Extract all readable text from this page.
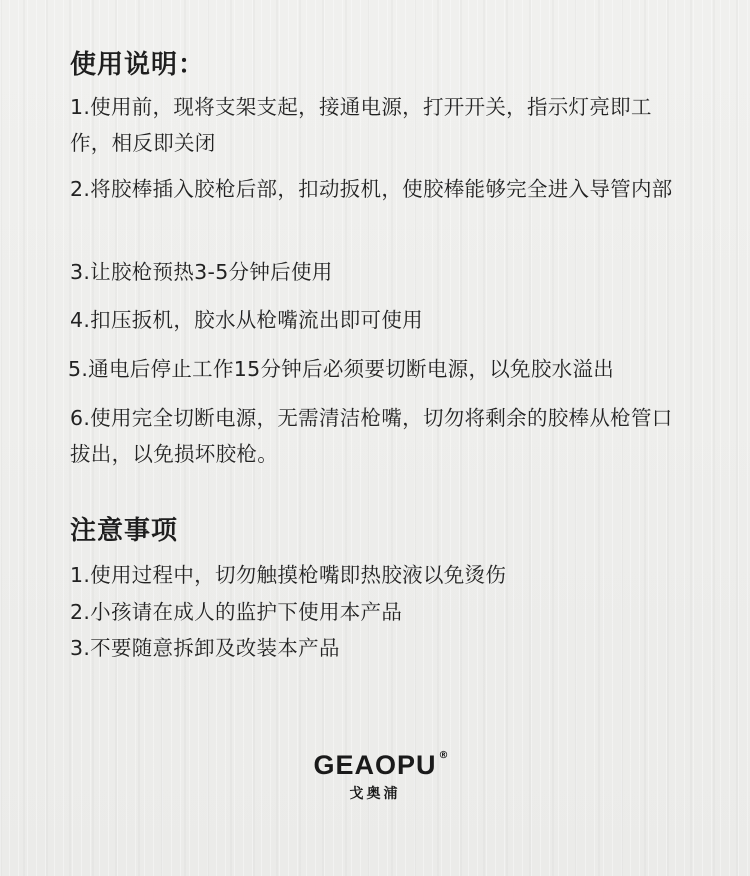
使用说明：

1.使用前，现将支架支起，接通电源，打开开关，指示灯亮即工作，相反即关闭

2.将胶棒插入胶枪后部，扣动扳机，使胶棒能够完全进入导管内部

3.让胶枪预热3-5分钟后使用

4.扣压扳机，胶水从枪嘴流出即可使用

5.通电后停止工作15分钟后必须要切断电源，以免胶水溢出

6.使用完全切断电源，无需清洁枪嘴，切勿将剩余的胶棒从枪管口拔出，以免损坏胶枪。

注意事项

1.使用过程中，切勿触摸枪嘴即热胶液以免烫伤

2.小孩请在成人的监护下使用本产品

3.不要随意拆卸及改装本产品

GEAOPU ®
戈奥浦
